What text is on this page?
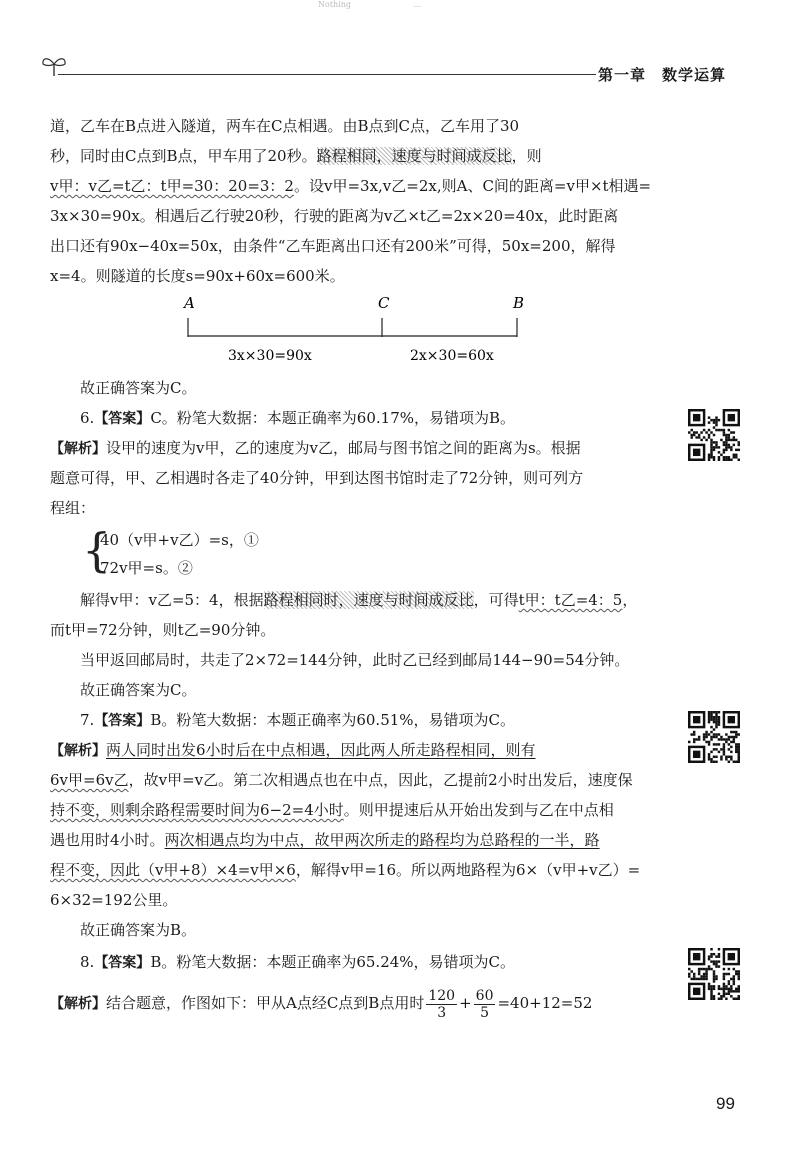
Nothing	...
第一章　数学运算
道，乙车在B点进入隧道，两车在C点相遇。由B点到C点，乙车用了30
秒，同时由C点到B点，甲车用了20秒。路程相同，速度与时间成反比，则
v甲：v乙=t乙：t甲=30：20=3：2。设v甲=3x,v乙=2x,则A、C间的距离=v甲×t相遇=
3x×30=90x。相遇后乙行驶20秒，行驶的距离为v乙×t乙=2x×20=40x，此时距离
出口还有90x−40x=50x，由条件“乙车距离出口还有200米”可得，50x=200，解得
x=4。则隧道的长度s=90x+60x=600米。
A	C	B
3x×30=90x	2x×30=60x
故正确答案为C。
6.【答案】C。粉笔大数据：本题正确率为60.17%，易错项为B。
【解析】设甲的速度为v甲，乙的速度为v乙，邮局与图书馆之间的距离为s。根据
题意可得，甲、乙相遇时各走了40分钟，甲到达图书馆时走了72分钟，则可列方
程组：
{
40（v甲+v乙）=s，①
72v甲=s。②
解得v甲：v乙=5：4，根据路程相同时，速度与时间成反比，可得t甲：t乙=4：5，
而t甲=72分钟，则t乙=90分钟。
当甲返回邮局时，共走了2×72=144分钟，此时乙已经到邮局144−90=54分钟。
故正确答案为C。
7.【答案】B。粉笔大数据：本题正确率为60.51%，易错项为C。
【解析】两人同时出发6小时后在中点相遇，因此两人所走路程相同，则有
6v甲=6v乙，故v甲=v乙。第二次相遇点也在中点，因此，乙提前2小时出发后，速度保
持不变，则剩余路程需要时间为6−2=4小时。则甲提速后从开始出发到与乙在中点相
遇也用时4小时。两次相遇点均为中点，故甲两次所走的路程均为总路程的一半，路
程不变，因此（v甲+8）×4=v甲×6，解得v甲=16。所以两地路程为6×（v甲+v乙）=
6×32=192公里。
故正确答案为B。
8.【答案】B。粉笔大数据：本题正确率为65.24%，易错项为C。
【解析】结合题意，作图如下：甲从A点经C点到B点用时 $\frac{120}{3} + \frac{60}{5} =40+12=52$
99
